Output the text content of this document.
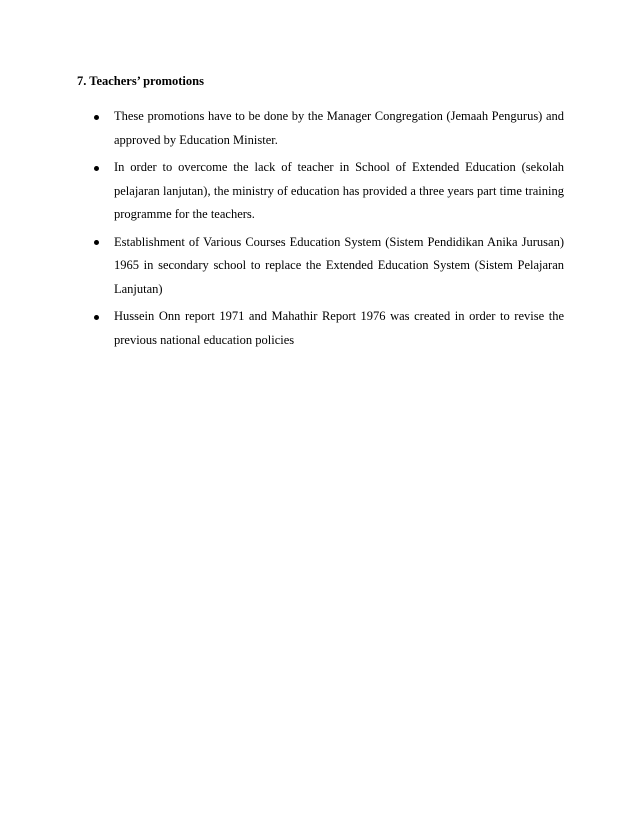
7. Teachers’ promotions
These promotions have to be done by the Manager Congregation (Jemaah Pengurus) and approved by Education Minister.
In order to overcome the lack of teacher in School of Extended Education (sekolah pelajaran lanjutan), the ministry of education has provided a three years part time training programme for the teachers.
Establishment of Various Courses Education System (Sistem Pendidikan Anika Jurusan) 1965 in secondary school to replace the Extended Education System (Sistem Pelajaran Lanjutan)
Hussein Onn report 1971 and Mahathir Report 1976 was created in order to revise the previous national education policies
